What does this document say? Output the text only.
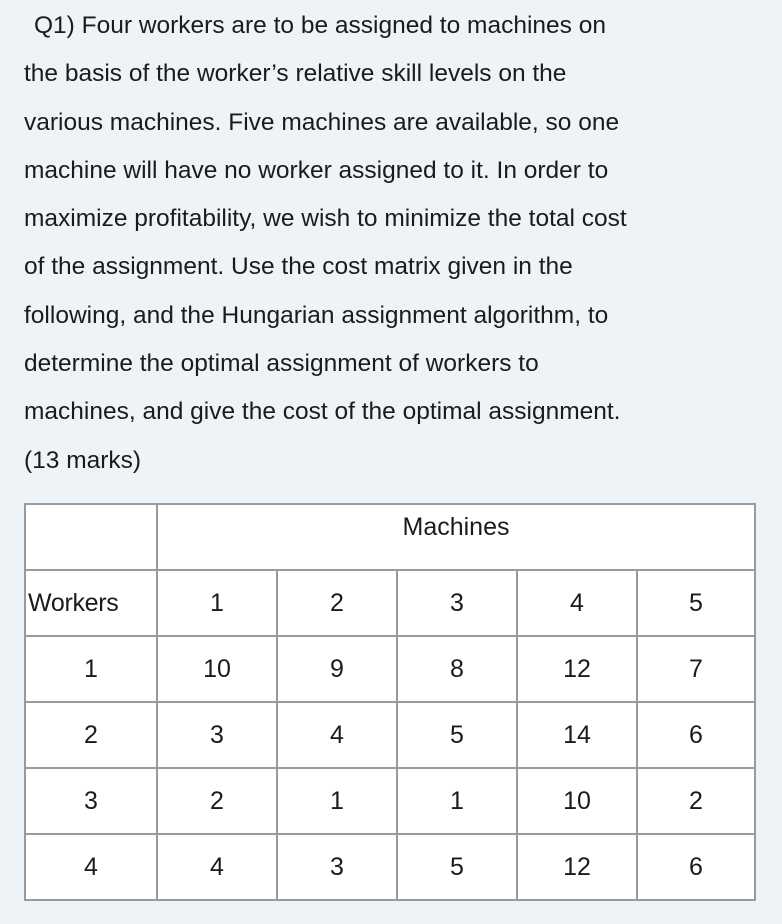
Q1) Four workers are to be assigned to machines on
the basis of the worker’s relative skill levels on the
various machines. Five machines are available, so one
machine will have no worker assigned to it. In order to
maximize profitability, we wish to minimize the total cost
of the assignment. Use the cost matrix given in the
following, and the Hungarian assignment algorithm, to
determine the optimal assignment of workers to
machines, and give the cost of the optimal assignment.
(13 marks)
	Machines				
Workers	1	2	3	4	5
1	10	9	8	12	7
2	3	4	5	14	6
3	2	1	1	10	2
4	4	3	5	12	6
